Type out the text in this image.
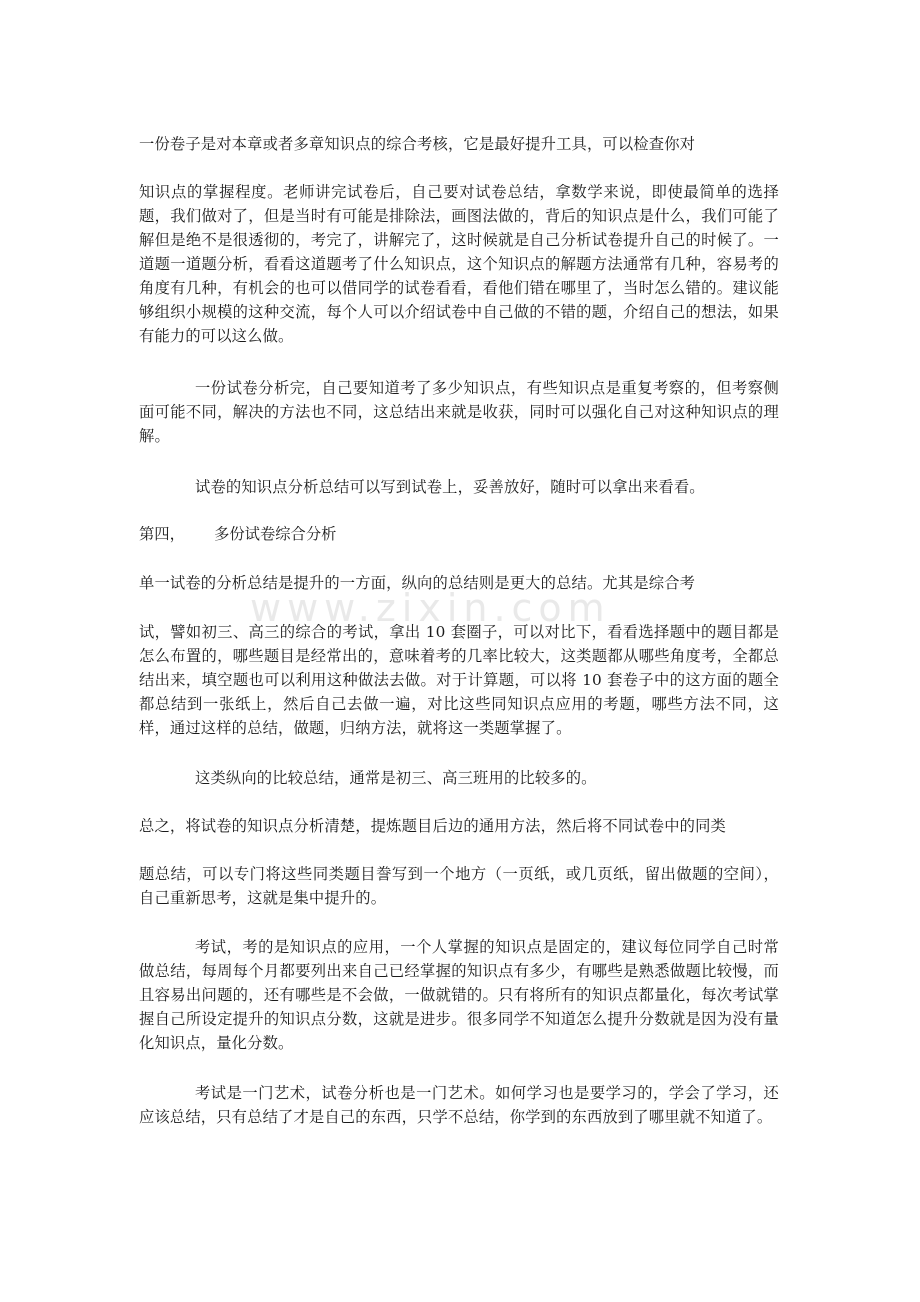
www.zixin.com

一份卷子是对本章或者多章知识点的综合考核，它是最好提升工具，可以检查你对

知识点的掌握程度。老师讲完试卷后，自己要对试卷总结，拿数学来说，即使最简单的选择题，我们做对了，但是当时有可能是排除法，画图法做的，背后的知识点是什么，我们可能了解但是绝不是很透彻的，考完了，讲解完了，这时候就是自己分析试卷提升自己的时候了。一道题一道题分析，看看这道题考了什么知识点，这个知识点的解题方法通常有几种，容易考的角度有几种，有机会的也可以借同学的试卷看看，看他们错在哪里了，当时怎么错的。建议能够组织小规模的这种交流，每个人可以介绍试卷中自己做的不错的题，介绍自己的想法，如果有能力的可以这么做。

一份试卷分析完，自己要知道考了多少知识点，有些知识点是重复考察的，但考察侧面可能不同，解决的方法也不同，这总结出来就是收获，同时可以强化自己对这种知识点的理解。

试卷的知识点分析总结可以写到试卷上，妥善放好，随时可以拿出来看看。

第四，      多份试卷综合分析

单一试卷的分析总结是提升的一方面，纵向的总结则是更大的总结。尤其是综合考

试，譬如初三、高三的综合的考试，拿出 10 套圈子，可以对比下，看看选择题中的题目都是怎么布置的，哪些题目是经常出的，意味着考的几率比较大，这类题都从哪些角度考，全都总结出来，填空题也可以利用这种做法去做。对于计算题，可以将 10 套卷子中的这方面的题全都总结到一张纸上，然后自己去做一遍，对比这些同知识点应用的考题，哪些方法不同，这样，通过这样的总结，做题，归纳方法，就将这一类题掌握了。

这类纵向的比较总结，通常是初三、高三班用的比较多的。

总之，将试卷的知识点分析清楚，提炼题目后边的通用方法，然后将不同试卷中的同类

题总结，可以专门将这些同类题目誊写到一个地方（一页纸，或几页纸，留出做题的空间），自己重新思考，这就是集中提升的。

考试，考的是知识点的应用，一个人掌握的知识点是固定的，建议每位同学自己时常做总结，每周每个月都要列出来自己已经掌握的知识点有多少，有哪些是熟悉做题比较慢，而且容易出问题的，还有哪些是不会做，一做就错的。只有将所有的知识点都量化，每次考试掌握自己所设定提升的知识点分数，这就是进步。很多同学不知道怎么提升分数就是因为没有量化知识点，量化分数。

考试是一门艺术，试卷分析也是一门艺术。如何学习也是要学习的，学会了学习，还应该总结，只有总结了才是自己的东西，只学不总结，你学到的东西放到了哪里就不知道了。
